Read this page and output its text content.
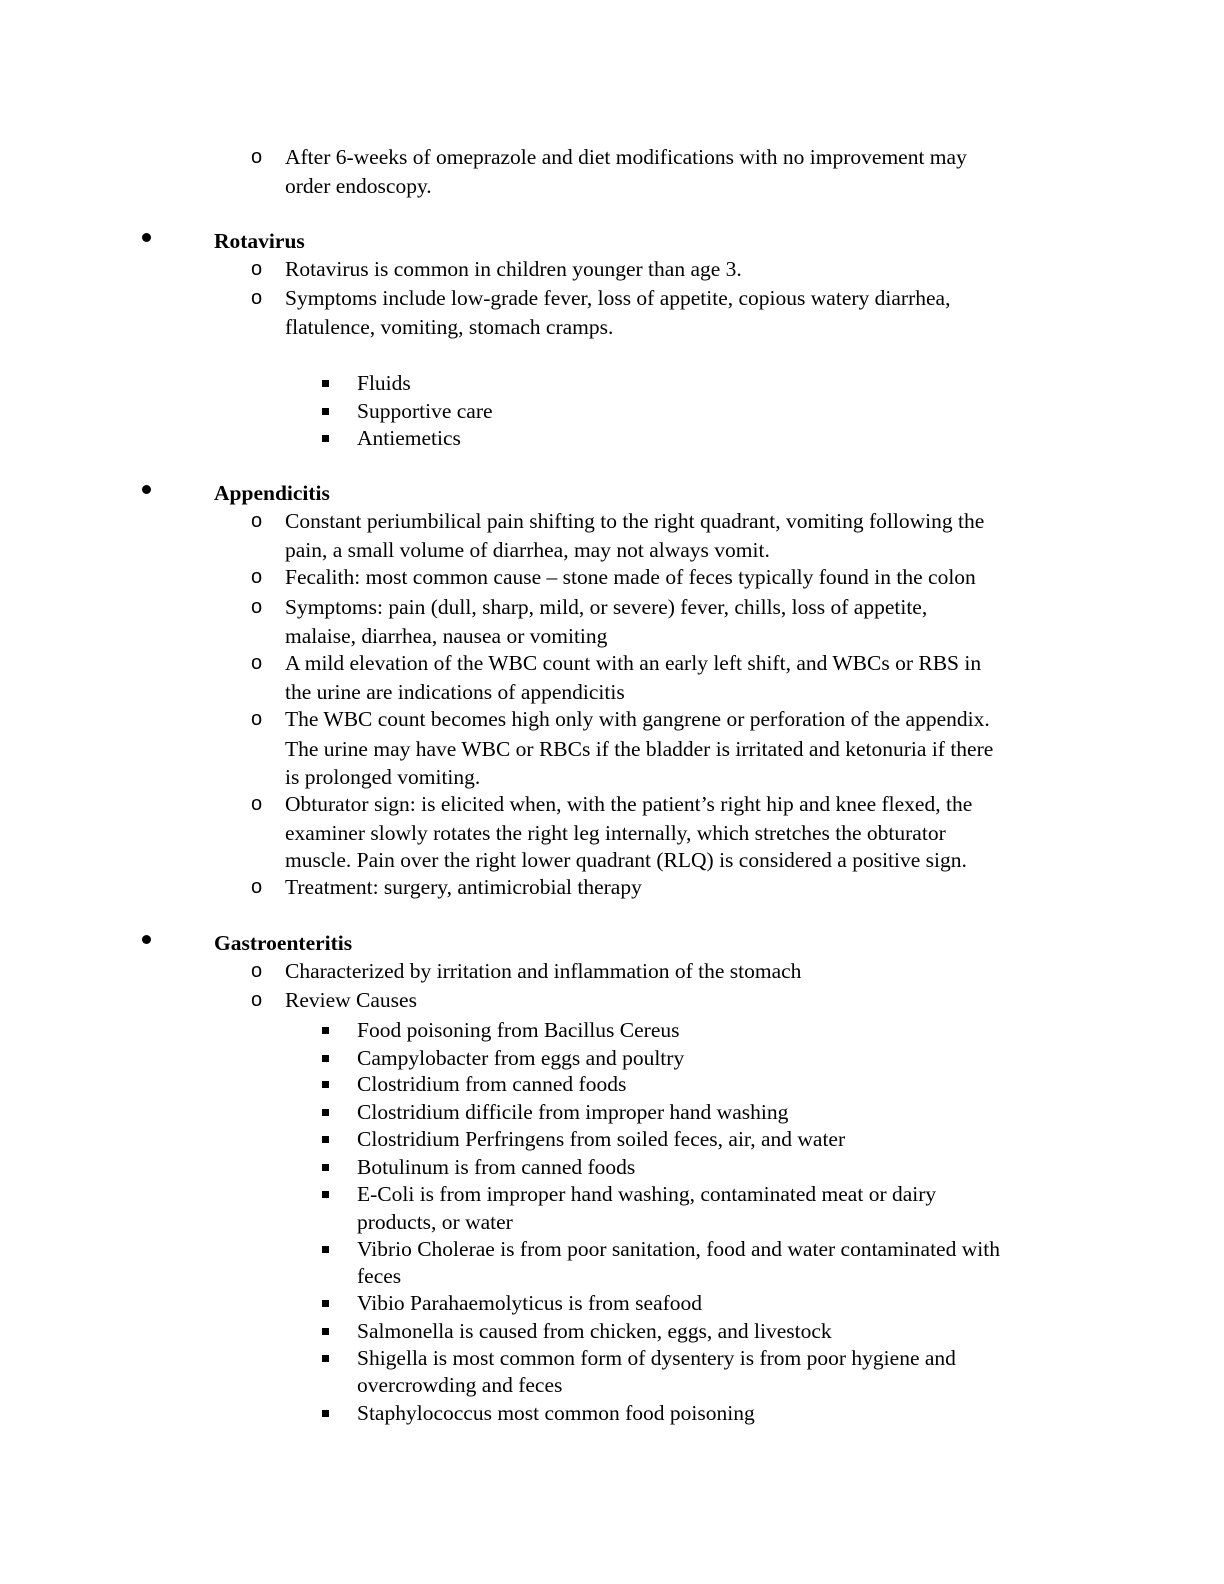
o After 6-weeks of omeprazole and diet modifications with no improvement may
order endoscopy.
Rotavirus
o Rotavirus is common in children younger than age 3.
o Symptoms include low-grade fever, loss of appetite, copious watery diarrhea,
flatulence, vomiting, stomach cramps.
Fluids
Supportive care
Antiemetics
Appendicitis
o Constant periumbilical pain shifting to the right quadrant, vomiting following the
pain, a small volume of diarrhea, may not always vomit.
o Fecalith: most common cause – stone made of feces typically found in the colon
o Symptoms: pain (dull, sharp, mild, or severe) fever, chills, loss of appetite,
malaise, diarrhea, nausea or vomiting
o A mild elevation of the WBC count with an early left shift, and WBCs or RBS in
the urine are indications of appendicitis
o The WBC count becomes high only with gangrene or perforation of the appendix.
The urine may have WBC or RBCs if the bladder is irritated and ketonuria if there
is prolonged vomiting.
o Obturator sign: is elicited when, with the patient’s right hip and knee flexed, the
examiner slowly rotates the right leg internally, which stretches the obturator
muscle. Pain over the right lower quadrant (RLQ) is considered a positive sign.
o Treatment: surgery, antimicrobial therapy
Gastroenteritis
o Characterized by irritation and inflammation of the stomach
o Review Causes
Food poisoning from Bacillus Cereus
Campylobacter from eggs and poultry
Clostridium from canned foods
Clostridium difficile from improper hand washing
Clostridium Perfringens from soiled feces, air, and water
Botulinum is from canned foods
E-Coli is from improper hand washing, contaminated meat or dairy
products, or water
Vibrio Cholerae is from poor sanitation, food and water contaminated with
feces
Vibio Parahaemolyticus is from seafood
Salmonella is caused from chicken, eggs, and livestock
Shigella is most common form of dysentery is from poor hygiene and
overcrowding and feces
Staphylococcus most common food poisoning
